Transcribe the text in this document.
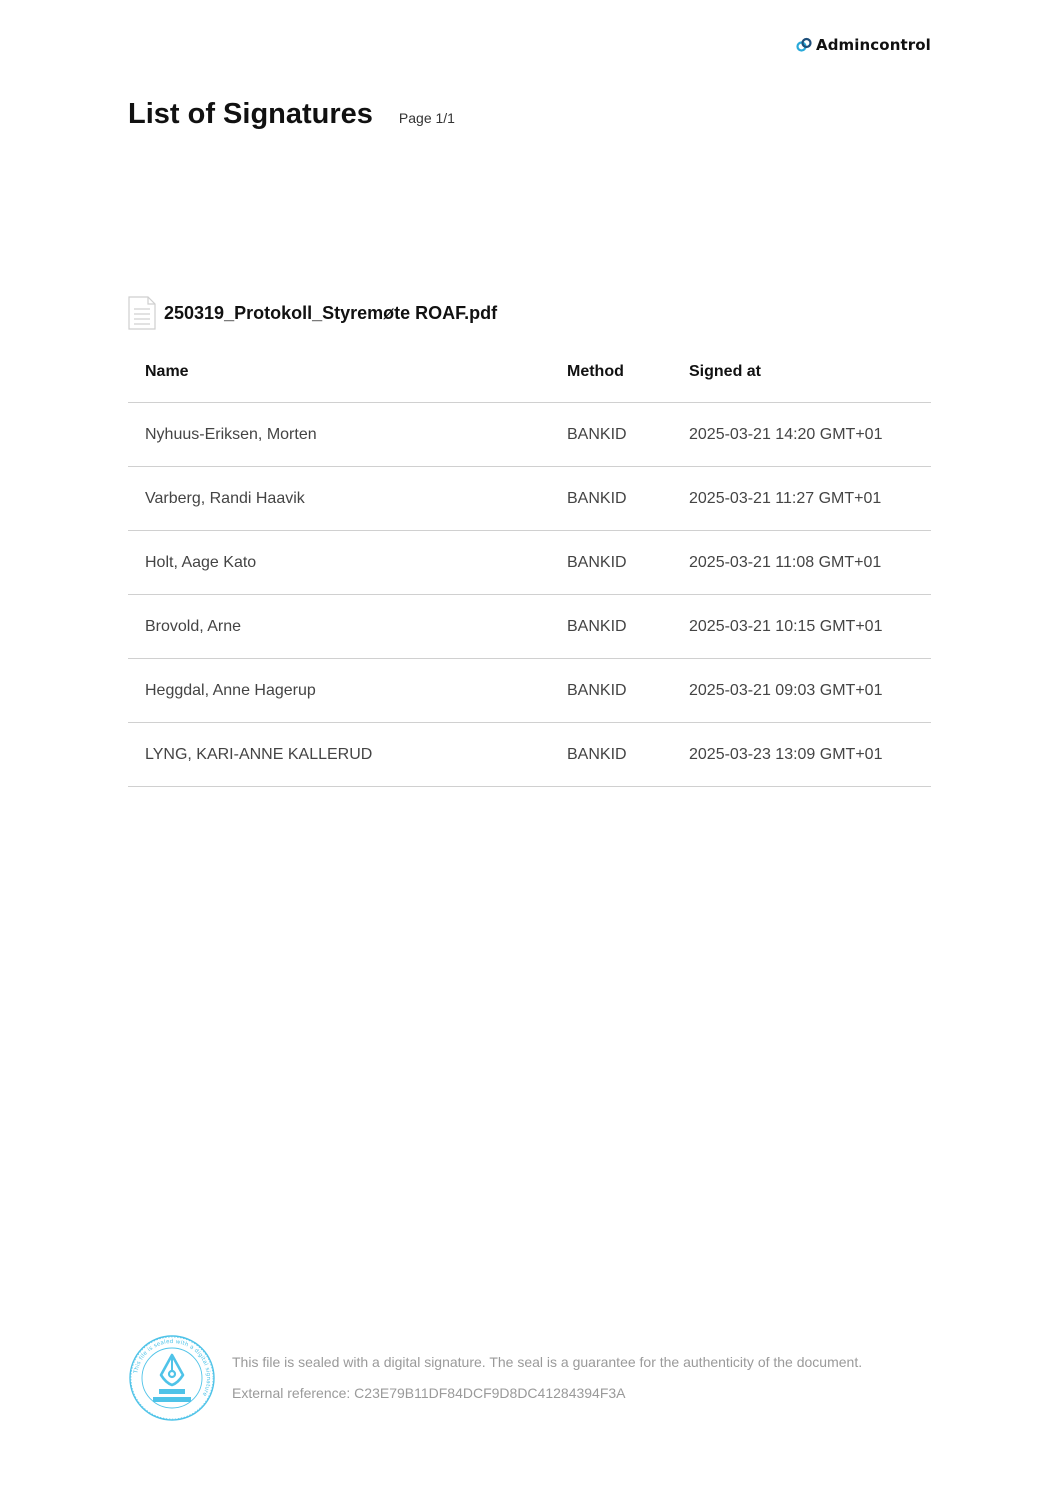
Admincontrol
List of Signatures Page 1/1
250319_Protokoll_Styremøte ROAF.pdf
Name	Method	Signed at
Nyhuus-Eriksen, Morten	BANKID	2025-03-21 14:20 GMT+01
Varberg, Randi Haavik	BANKID	2025-03-21 11:27 GMT+01
Holt, Aage Kato	BANKID	2025-03-21 11:08 GMT+01
Brovold, Arne	BANKID	2025-03-21 10:15 GMT+01
Heggdal, Anne Hagerup	BANKID	2025-03-21 09:03 GMT+01
LYNG, KARI-ANNE KALLERUD	BANKID	2025-03-23 13:09 GMT+01
This file is sealed with a digital signature
This file is sealed with a digital signature. The seal is a guarantee for the authenticity of the document.
External reference: C23E79B11DF84DCF9D8DC41284394F3A
